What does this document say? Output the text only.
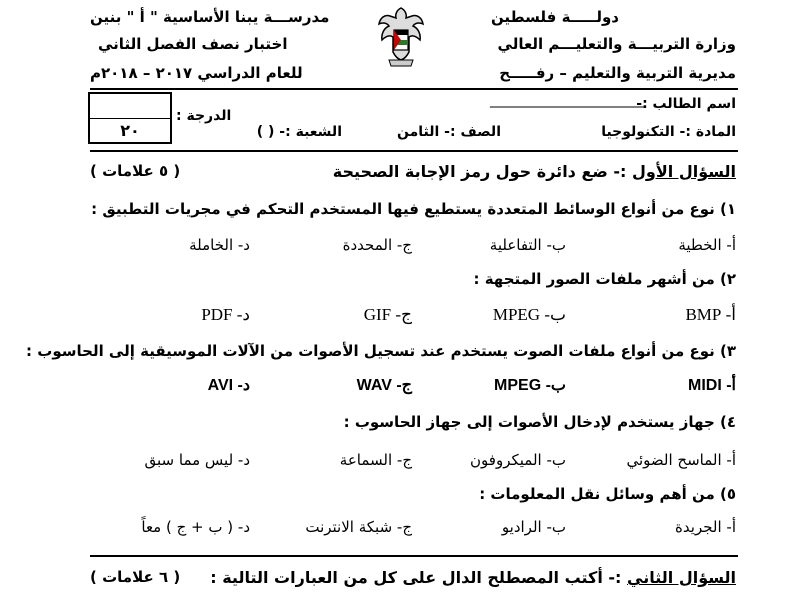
دولـــــة فلسطين
وزارة التربيـــة والتعليـــم العالي
مديرية التربية والتعليم – رفـــــح
مدرســـة يبنا الأساسية " أ " بنين
اختبار نصف الفصل الثاني
للعام الدراسي ٢٠١٧ – ٢٠١٨م
اسم الطالب :-
______________________
المادة :- التكنولوجيا
الصف :- الثامن
الشعبة :- ( )
الدرجة :
٢٠
السؤال الأول :- ضع دائرة حول رمز الإجابة الصحيحة
( ٥ علامات )
١) نوع من أنواع الوسائط المتعددة يستطيع فيها المستخدم التحكم في مجريات التطبيق :
أ- الخطية
ب- التفاعلية
ج- المحددة
د- الخاملة
٢) من أشهر ملفات الصور المتجهة :
أ- BMP
ب- MPEG
ج- GIF
د- PDF
٣) نوع من أنواع ملفات الصوت يستخدم عند تسجيل الأصوات من الآلات الموسيقية إلى الحاسوب :
أ- MIDI
ب- MPEG
ج- WAV
د- AVI
٤) جهاز يستخدم لإدخال الأصوات إلى جهاز الحاسوب :
أ- الماسح الضوئي
ب- الميكروفون
ج- السماعة
د- ليس مما سبق
٥) من أهم وسائل نقل المعلومات :
أ- الجريدة
ب- الراديو
ج- شبكة الانترنت
د- ( ب + ج ) معاً
السؤال الثاني :- أكتب المصطلح الدال على كل من العبارات التالية :
( ٦ علامات )
